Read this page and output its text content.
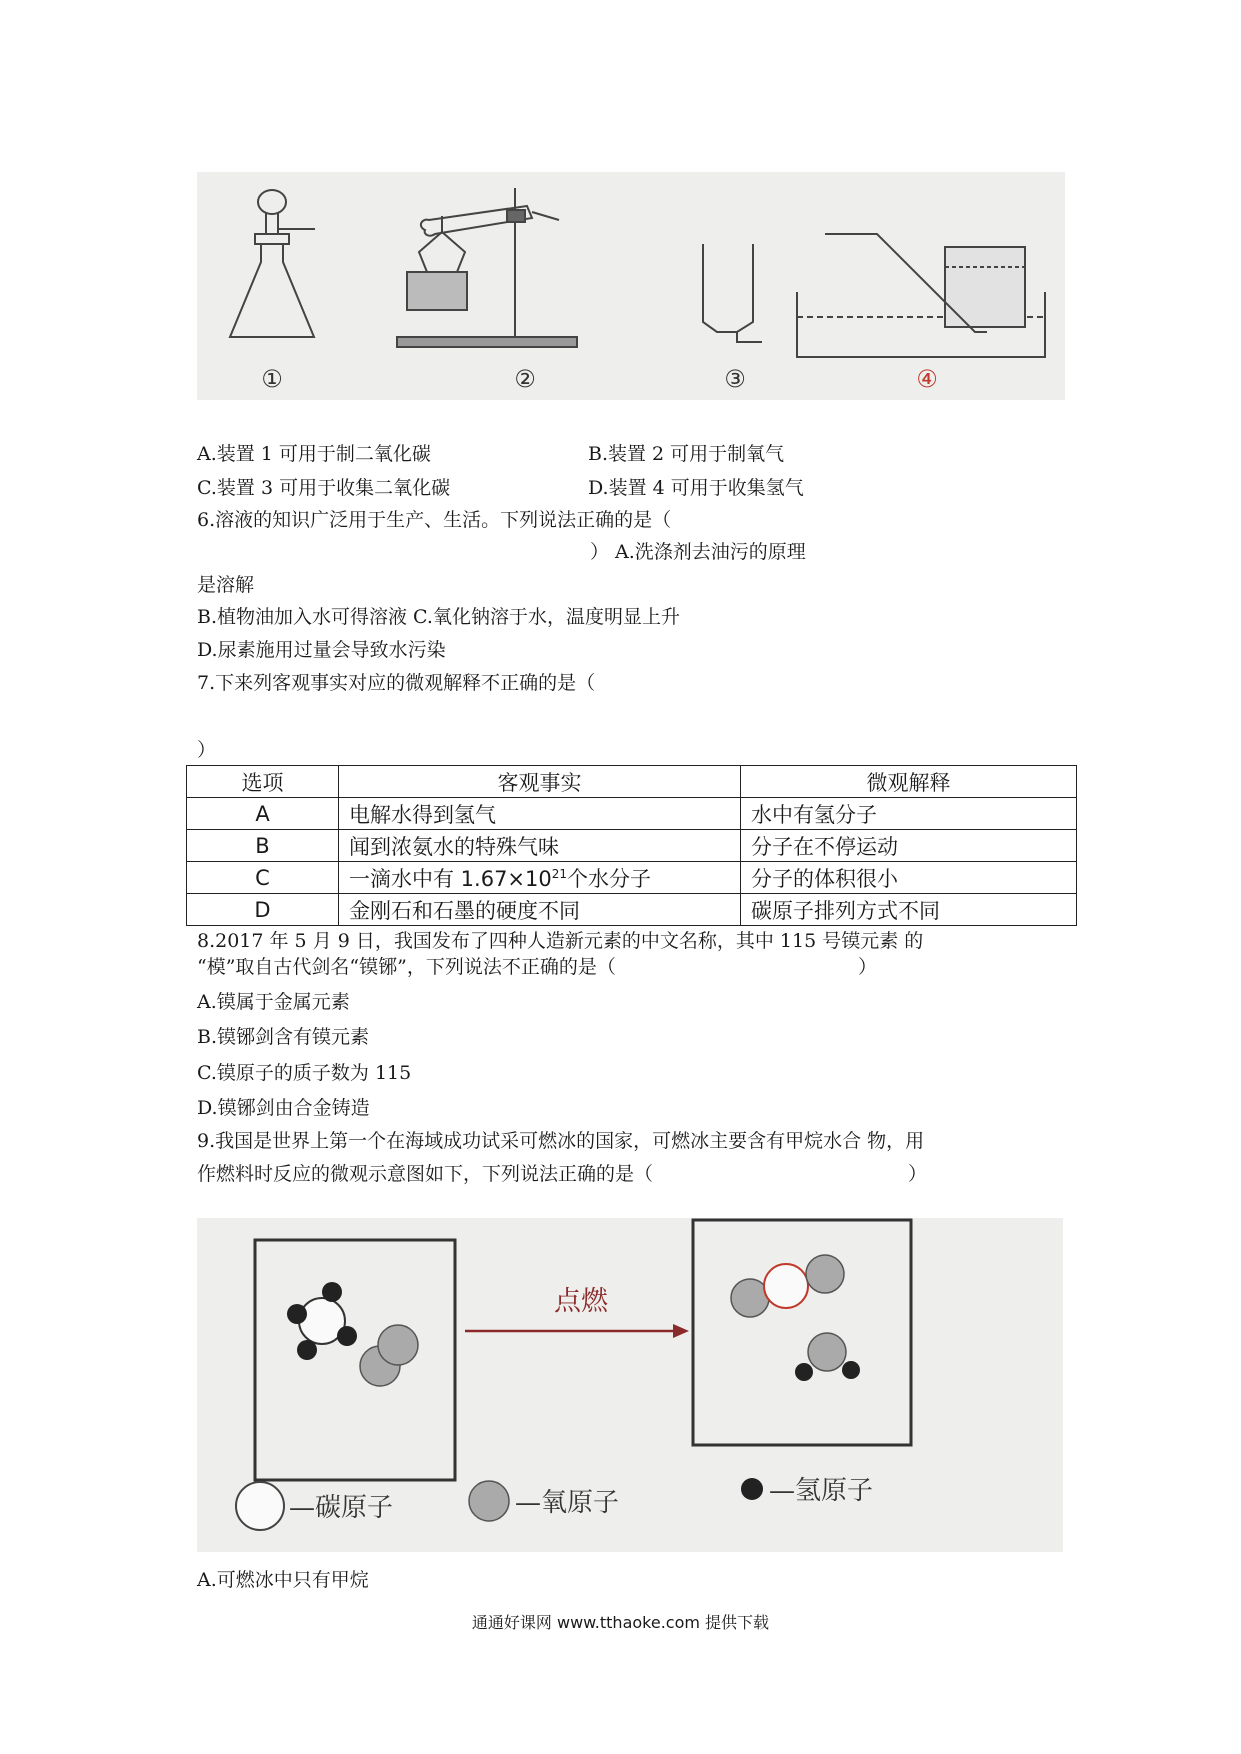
①	②	③	④
A.装置 1 可用于制二氧化碳	B.装置 2 可用于制氧气
C.装置 3 可用于收集二氧化碳	D.装置 4 可用于收集氢气
6.溶液的知识广泛用于生产、生活。下列说法正确的是（
） A.洗涤剂去油污的原理
是溶解
B.植物油加入水可得溶液 C.氧化钠溶于水，温度明显上升
D.尿素施用过量会导致水污染
7.下来列客观事实对应的微观解释不正确的是（
）
选项	客观事实	微观解释
A	电解水得到氢气	水中有氢分子
B	闻到浓氨水的特殊气味	分子在不停运动
C	一滴水中有 $1.67\times 10^{21}$个水分子	分子的体积很小
D	金刚石和石墨的硬度不同	碳原子排列方式不同
8.2017 年 5 月 9 日，我国发布了四种人造新元素的中文名称，其中 115 号镆元素 的
“模”取自古代剑名“镆铘”，下列说法不正确的是（	）
A.镆属于金属元素
B.镆铘剑含有镆元素
C.镆原子的质子数为 115
D.镆铘剑由合金铸造
9.我国是世界上第一个在海域成功试采可燃冰的国家，可燃冰主要含有甲烷水合 物，用
作燃料时反应的微观示意图如下，下列说法正确的是（	）
点燃
—碳原子	—氧原子	—氢原子
A.可燃冰中只有甲烷
通通好课网 www.tthaoke.com 提供下载
